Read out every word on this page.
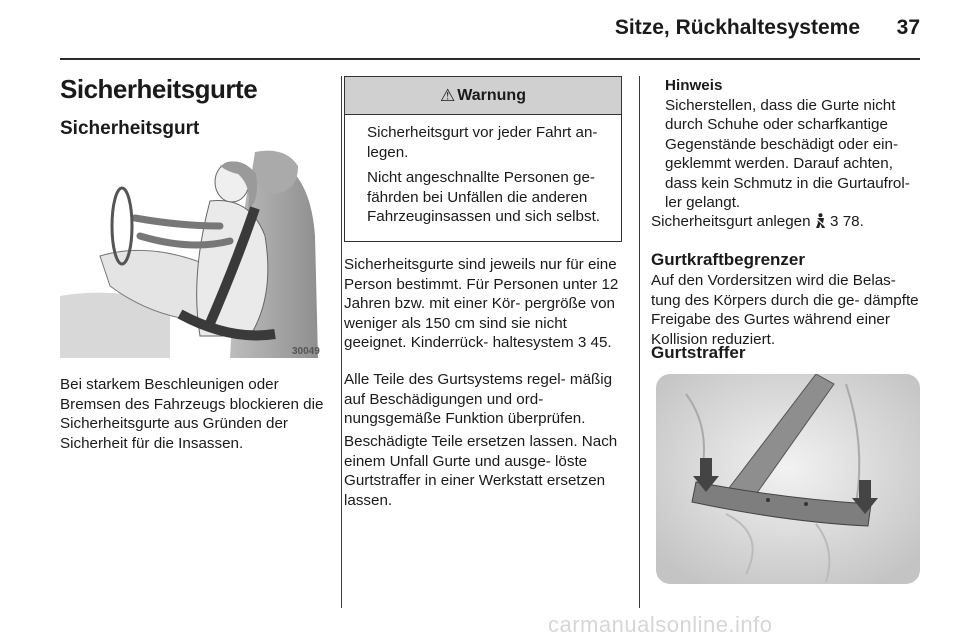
Sitze, Rückhaltesysteme	37
Sicherheitsgurte
Sicherheitsgurt
30049
Bei starkem Beschleunigen oder Bremsen des Fahrzeugs blockieren die Sicherheitsgurte aus Gründen der Sicherheit für die Insassen.
⚠ Warnung

Sicherheitsgurt vor jeder Fahrt an- legen.

Nicht angeschnallte Personen ge- fährden bei Unfällen die anderen Fahrzeuginsassen und sich selbst.

Sicherheitsgurte sind jeweils nur für eine Person bestimmt. Für Personen unter 12 Jahren bzw. mit einer Kör- pergröße von weniger als 150 cm sind sie nicht geeignet. Kinderrück- haltesystem 3 45.
Alle Teile des Gurtsystems regel- mäßig auf Beschädigungen und ord- nungsgemäße Funktion überprüfen.
Beschädigte Teile ersetzen lassen. Nach einem Unfall Gurte und ausge- löste Gurtstraffer in einer Werkstatt ersetzen lassen.
Hinweis
Sicherstellen, dass die Gurte nicht durch Schuhe oder scharfkantige Gegenstände beschädigt oder ein- geklemmt werden. Darauf achten, dass kein Schmutz in die Gurtaufrol- ler gelangt.
Sicherheitsgurt anlegen  3 78.
Gurtkraftbegrenzer
Auf den Vordersitzen wird die Belas- tung des Körpers durch die ge- dämpfte Freigabe des Gurtes während einer Kollision reduziert.
Gurtstraffer
carmanualsonline.info
